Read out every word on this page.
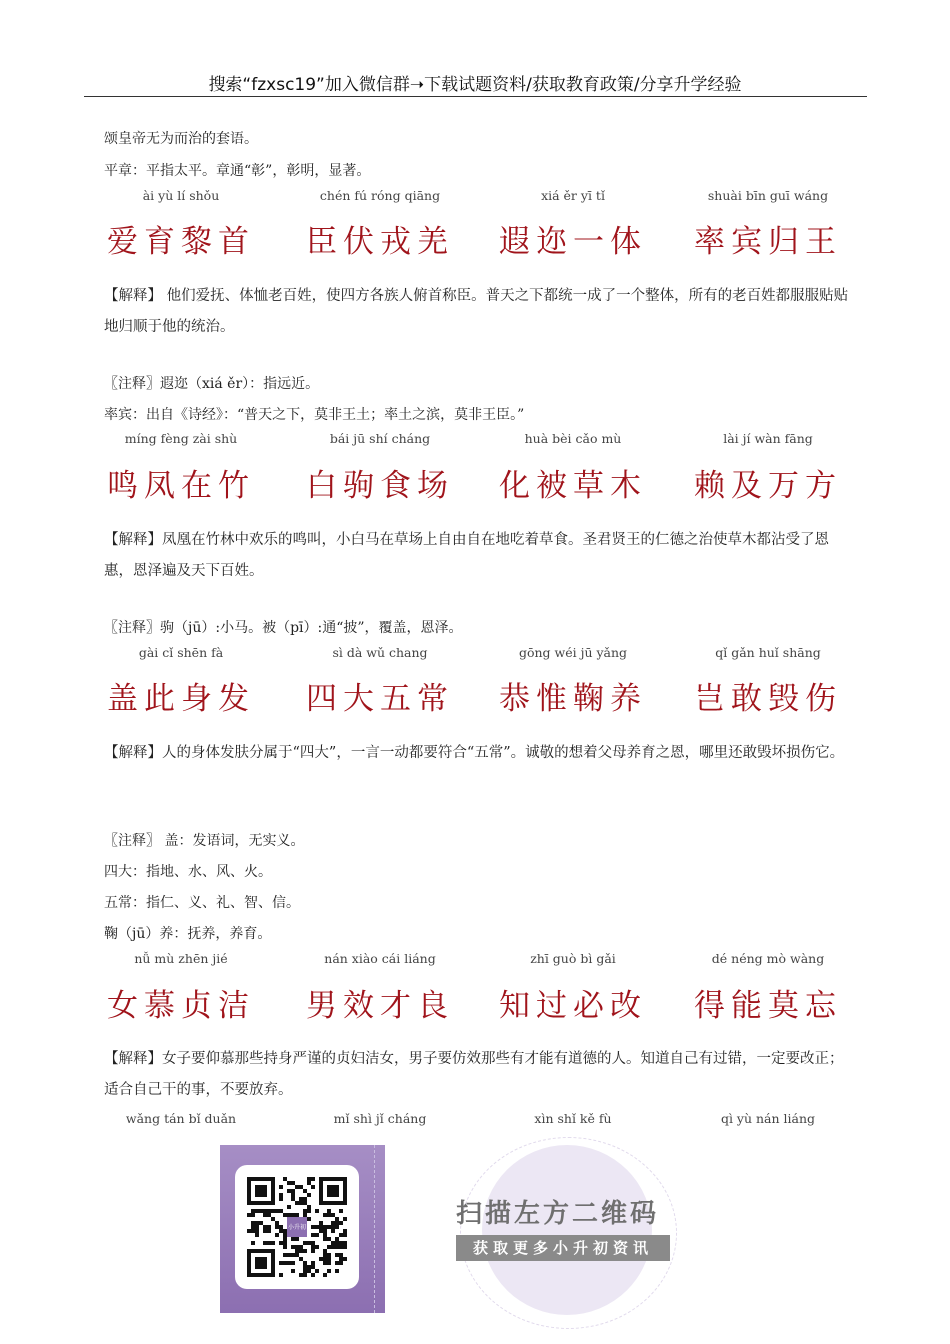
搜索“fzxsc19”加入微信群➝下载试题资料/获取教育政策/分享升学经验
颂皇帝无为而治的套语。
平章：平指太平。章通“彰”，彰明，显著。
ài yù lí shǒu	chén fú róng qiāng	xiá ěr yī tǐ	shuài bīn guī wáng
爱育黎首	臣伏戎羌	遐迩一体	率宾归王
【解释】 他们爱抚、体恤老百姓，使四方各族人俯首称臣。普天之下都统一成了一个整体，所有的老百姓都服服贴贴地归顺于他的统治。
〖注释〗遐迩（xiá ěr）：指远近。
率宾：出自《诗经》：“普天之下，莫非王土；率土之滨，莫非王臣。”
míng fèng zài shù	bái jū shí cháng	huà bèi cǎo mù	lài jí wàn fāng
鸣凤在竹	白驹食场	化被草木	赖及万方
【解释】凤凰在竹林中欢乐的鸣叫，小白马在草场上自由自在地吃着草食。圣君贤王的仁德之治使草木都沾受了恩惠，恩泽遍及天下百姓。
〖注释〗驹（jū）:小马。被（pī）:通“披”，覆盖，恩泽。
gài cǐ shēn fà	sì dà wǔ chang	gōng wéi jū yǎng	qǐ gǎn huǐ shāng
盖此身发	四大五常	恭惟鞠养	岂敢毁伤
【解释】人的身体发肤分属于“四大”，一言一动都要符合“五常”。诚敬的想着父母养育之恩，哪里还敢毁坏损伤它。
〖注释〗 盖：发语词，无实义。
四大：指地、水、风、火。
五常：指仁、义、礼、智、信。
鞠（jū）养：抚养，养育。
nǚ mù zhēn jié	nán xiào cái liáng	zhī guò bì gǎi	dé néng mò wàng
女慕贞洁	男效才良	知过必改	得能莫忘
【解释】女子要仰慕那些持身严谨的贞妇洁女，男子要仿效那些有才能有道德的人。知道自己有过错，一定要改正；适合自己干的事，不要放弃。
wǎng tán bǐ duǎn	mǐ shì jǐ cháng	xìn shǐ kě fù	qì yù nán liáng
小升初	扫描左方二维码
获取更多小升初资讯
